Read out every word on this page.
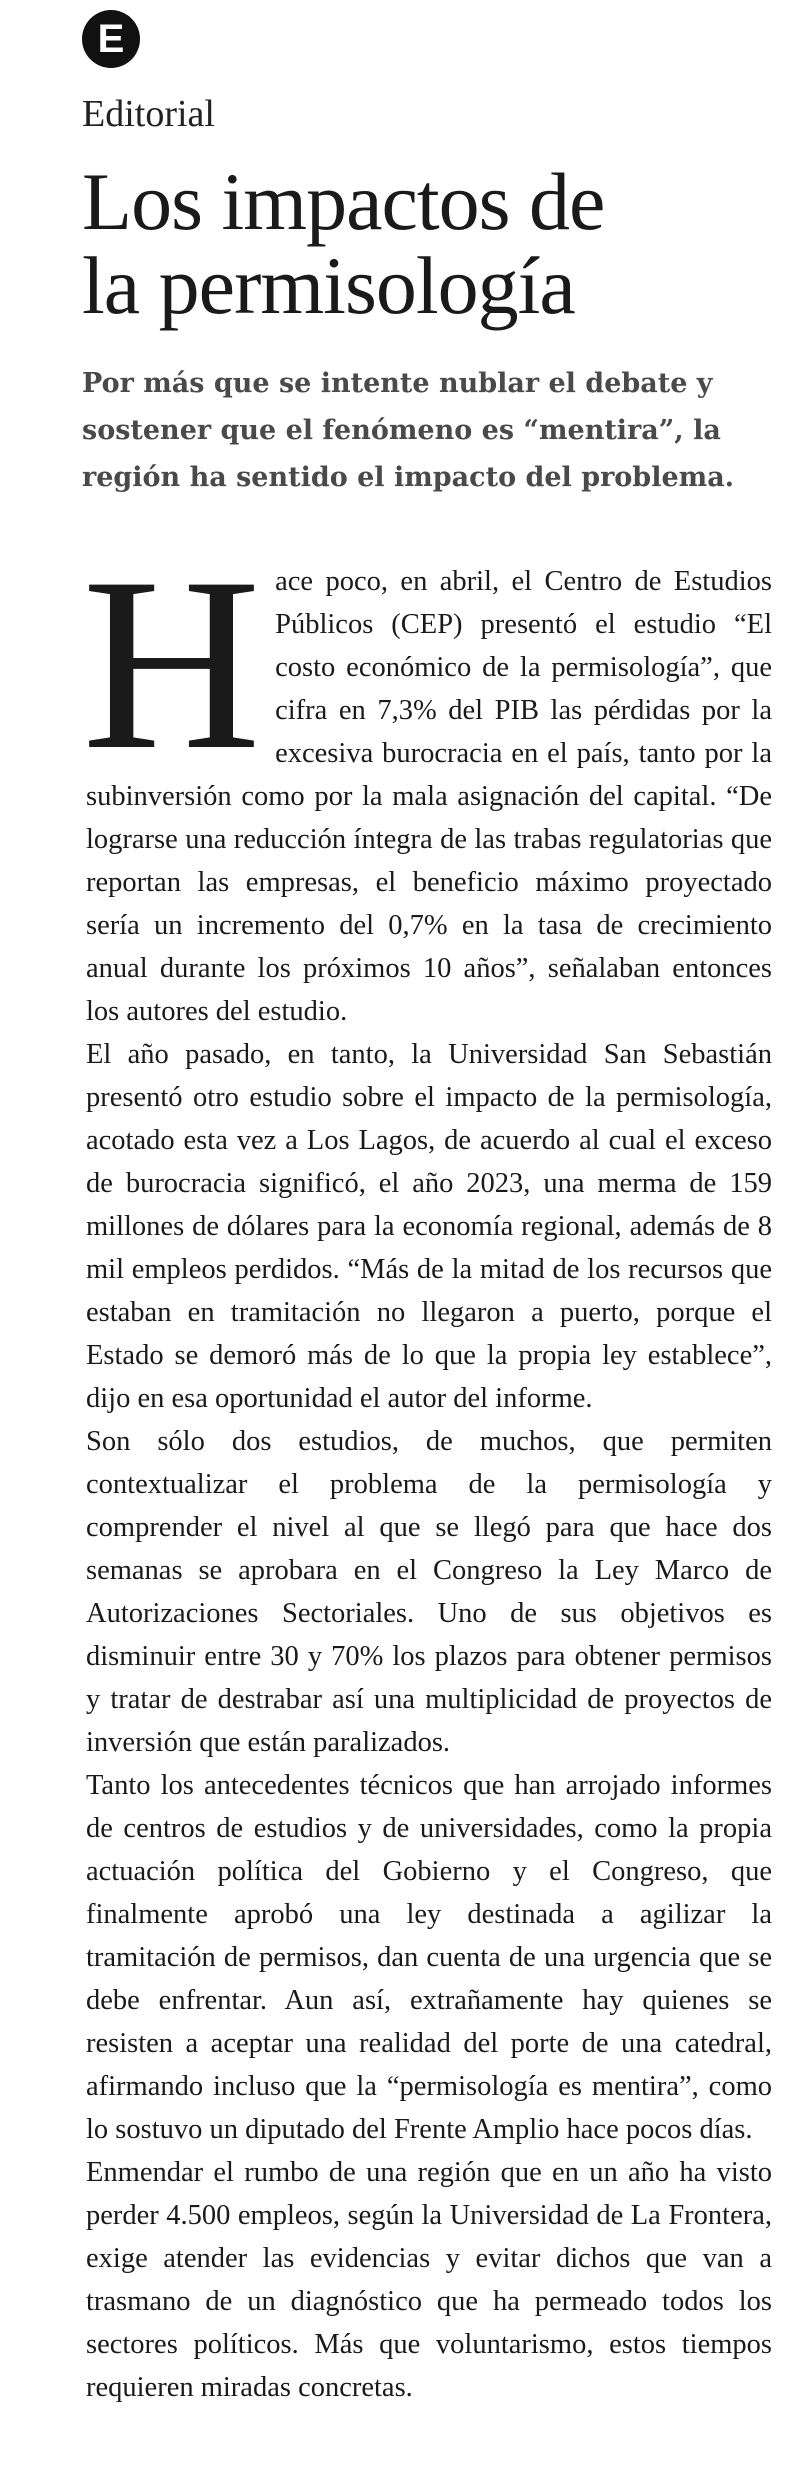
E
Editorial
Los impactos de
la permisología
Por más que se intente nublar el debate y sostener que el fenómeno es “mentira”, la región ha sentido el impacto del problema.
H ace poco, en abril, el Centro de Estudios Públicos (CEP) presentó el estudio “El costo económico de la permisología”, que cifra en 7,3% del PIB las pérdidas por la excesiva burocracia en el país, tanto por la subinversión como por la mala asignación del capital. “De lograrse una reducción íntegra de las trabas regulatorias que reportan las empresas, el beneficio máximo proyectado sería un incremento del 0,7% en la tasa de crecimiento anual durante los próximos 10 años”, señalaban entonces los autores del estudio.

El año pasado, en tanto, la Universidad San Sebastián presentó otro estudio sobre el impacto de la permisología, acotado esta vez a Los Lagos, de acuerdo al cual el exceso de burocracia significó, el año 2023, una merma de 159 millones de dólares para la economía regional, además de 8 mil empleos perdidos. “Más de la mitad de los recursos que estaban en tramitación no llegaron a puerto, porque el Estado se demoró más de lo que la propia ley establece”, dijo en esa oportunidad el autor del informe.

Son sólo dos estudios, de muchos, que permiten contextualizar el problema de la permisología y comprender el nivel al que se llegó para que hace dos semanas se aprobara en el Congreso la Ley Marco de Autorizaciones Sectoriales. Uno de sus objetivos es disminuir entre 30 y 70% los plazos para obtener permisos y tratar de destrabar así una multiplicidad de proyectos de inversión que están paralizados.

Tanto los antecedentes técnicos que han arrojado informes de centros de estudios y de universidades, como la propia actuación política del Gobierno y el Congreso, que finalmente aprobó una ley destinada a agilizar la tramitación de permisos, dan cuenta de una urgencia que se debe enfrentar. Aun así, extrañamente hay quienes se resisten a aceptar una realidad del porte de una catedral, afirmando incluso que la “permisología es mentira”, como lo sostuvo un diputado del Frente Amplio hace pocos días.

Enmendar el rumbo de una región que en un año ha visto perder 4.500 empleos, según la Universidad de La Frontera, exige atender las evidencias y evitar dichos que van a trasmano de un diagnóstico que ha permeado todos los sectores políticos. Más que voluntarismo, estos tiempos requieren miradas concretas.
